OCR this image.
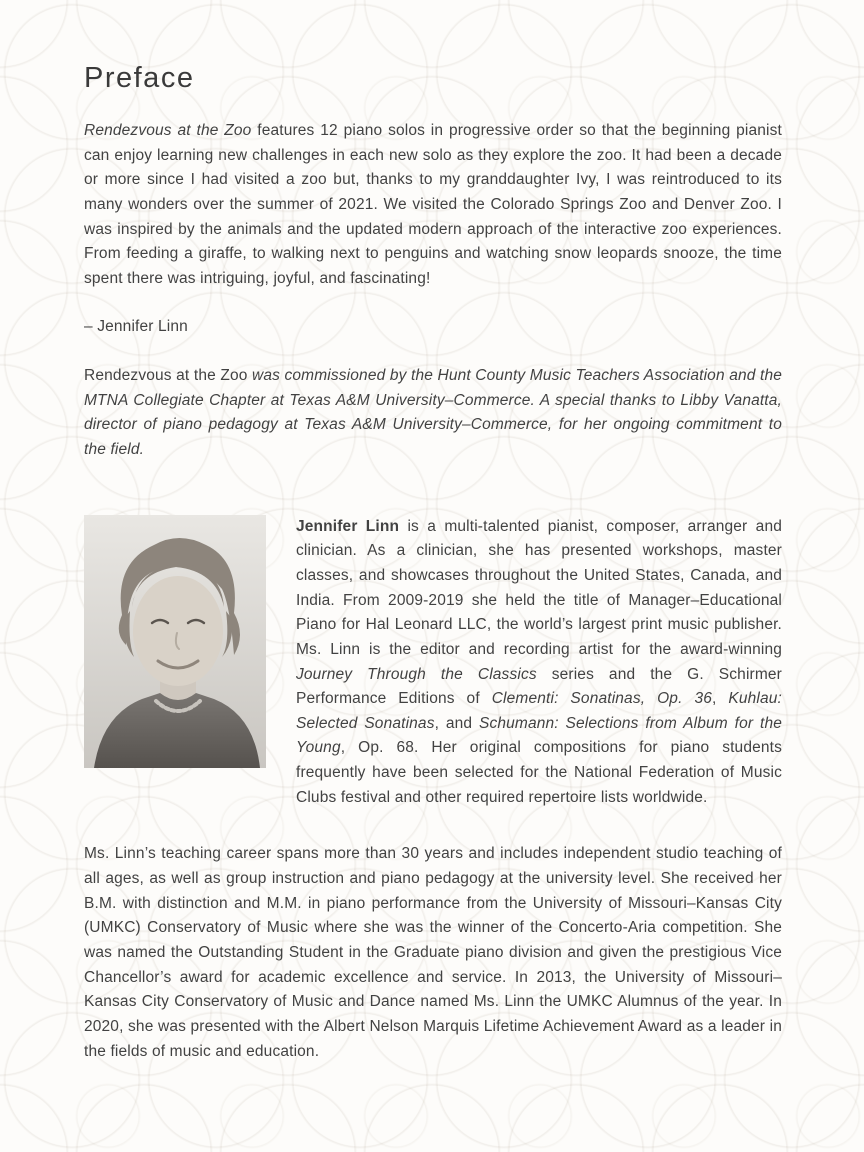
Preface

Rendezvous at the Zoo features 12 piano solos in progressive order so that the beginning pianist can enjoy learning new challenges in each new solo as they explore the zoo. It had been a decade or more since I had visited a zoo but, thanks to my granddaughter Ivy, I was reintroduced to its many wonders over the summer of 2021. We visited the Colorado Springs Zoo and Denver Zoo. I was inspired by the animals and the updated modern approach of the interactive zoo experiences. From feeding a giraffe, to walking next to penguins and watching snow leopards snooze, the time spent there was intriguing, joyful, and fascinating!

– Jennifer Linn

Rendezvous at the Zoo was commissioned by the Hunt County Music Teachers Association and the MTNA Collegiate Chapter at Texas A&M University–Commerce. A special thanks to Libby Vanatta, director of piano pedagogy at Texas A&M University–Commerce, for her ongoing commitment to the field.

Jennifer Linn is a multi-talented pianist, composer, arranger and clinician. As a clinician, she has presented workshops, master classes, and showcases throughout the United States, Canada, and India. From 2009-2019 she held the title of Manager–Educational Piano for Hal Leonard LLC, the world’s largest print music publisher. Ms. Linn is the editor and recording artist for the award-winning Journey Through the Classics series and the G. Schirmer Performance Editions of Clementi: Sonatinas, Op. 36, Kuhlau: Selected Sonatinas, and Schumann: Selections from Album for the Young, Op. 68. Her original compositions for piano students frequently have been selected for the National Federation of Music Clubs festival and other required repertoire lists worldwide.

Ms. Linn’s teaching career spans more than 30 years and includes independent studio teaching of all ages, as well as group instruction and piano pedagogy at the university level. She received her B.M. with distinction and M.M. in piano performance from the University of Missouri–Kansas City (UMKC) Conservatory of Music where she was the winner of the Concerto-Aria competition. She was named the Outstanding Student in the Graduate piano division and given the prestigious Vice Chancellor’s award for academic excellence and service. In 2013, the University of Missouri–Kansas City Conservatory of Music and Dance named Ms. Linn the UMKC Alumnus of the year. In 2020, she was presented with the Albert Nelson Marquis Lifetime Achievement Award as a leader in the fields of music and education.
